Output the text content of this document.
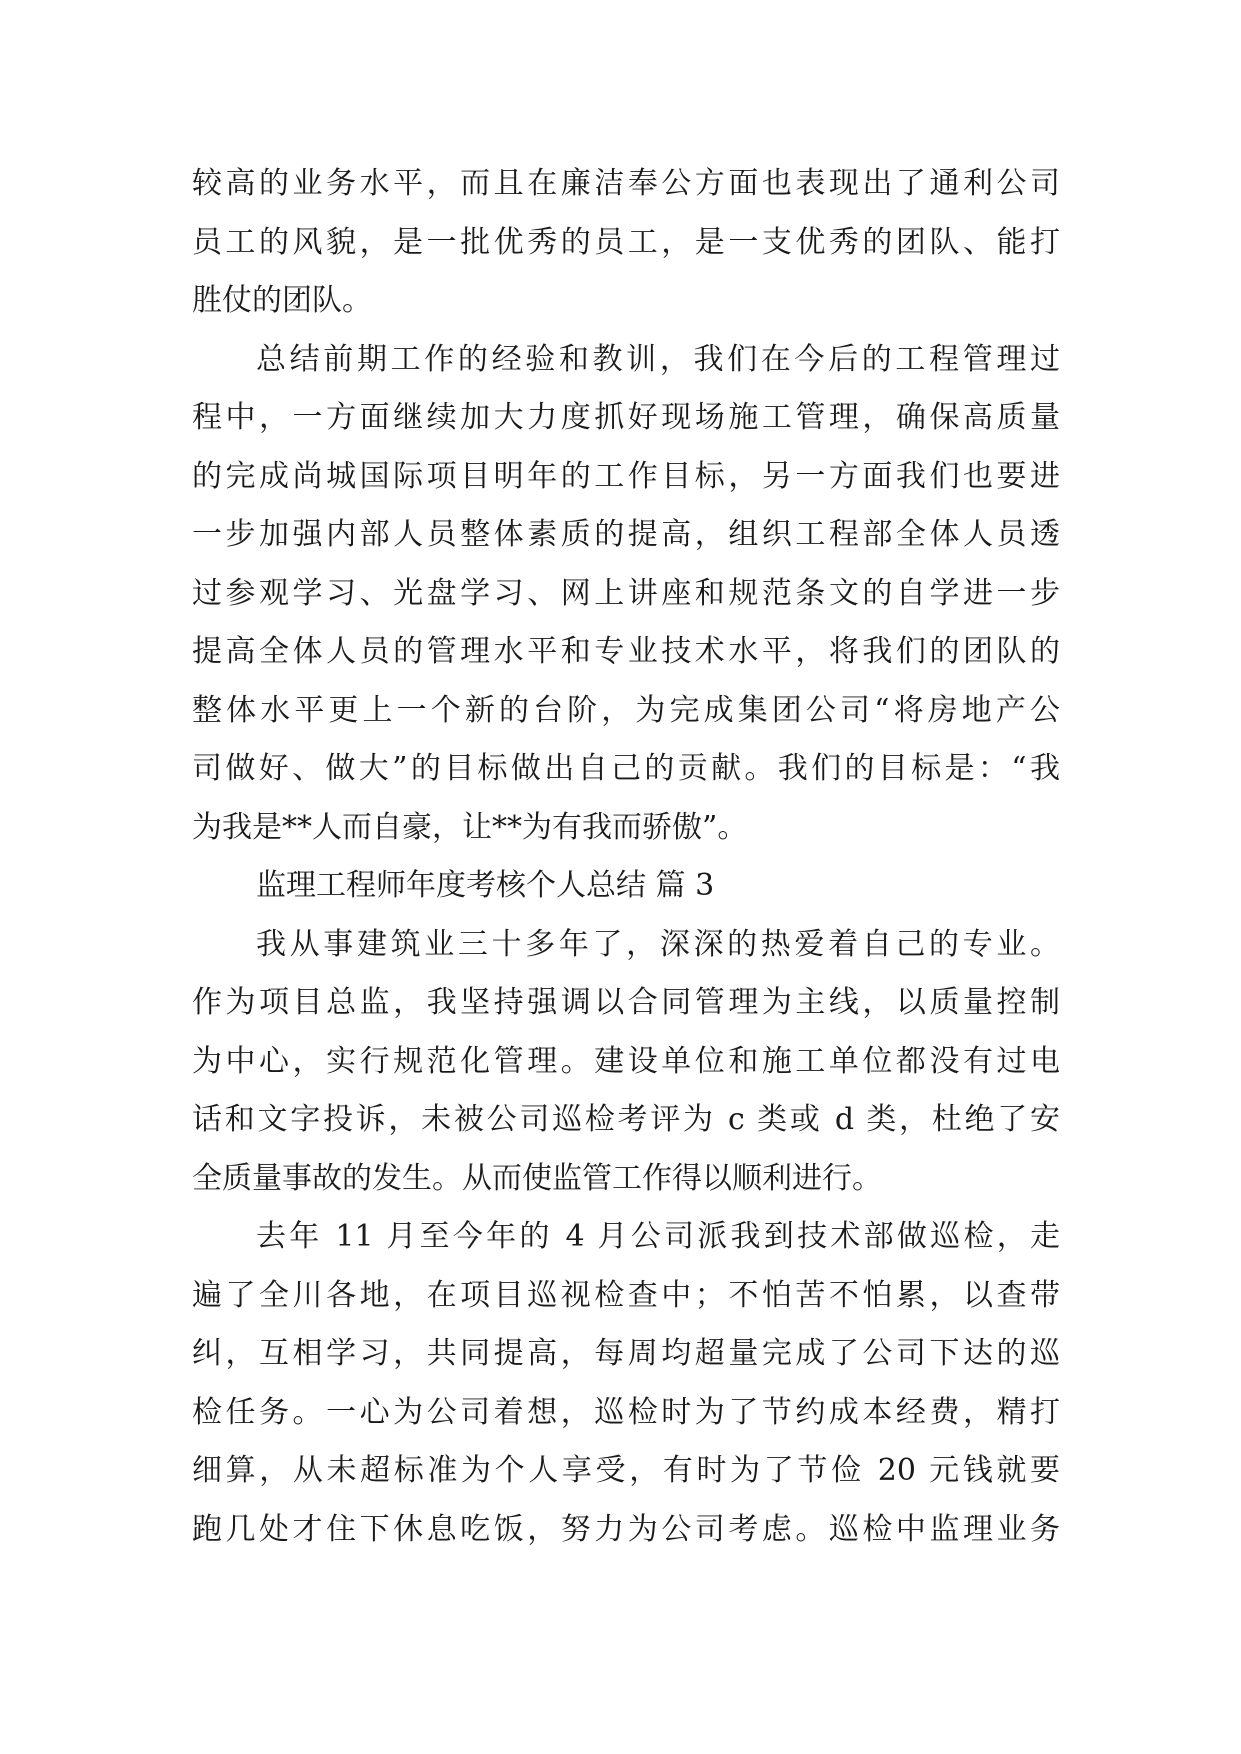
较高的业务水平，而且在廉洁奉公方面也表现出了通利公司
员工的风貌，是一批优秀的员工，是一支优秀的团队、能打
胜仗的团队。
总结前期工作的经验和教训，我们在今后的工程管理过
程中，一方面继续加大力度抓好现场施工管理，确保高质量
的完成尚城国际项目明年的工作目标，另一方面我们也要进
一步加强内部人员整体素质的提高，组织工程部全体人员透
过参观学习、光盘学习、网上讲座和规范条文的自学进一步
提高全体人员的管理水平和专业技术水平，将我们的团队的
整体水平更上一个新的台阶，为完成集团公司“将房地产公
司做好、做大”的目标做出自己的贡献。我们的目标是：“我
为我是**人而自豪，让**为有我而骄傲”。
监理工程师年度考核个人总结 篇 3
我从事建筑业三十多年了，深深的热爱着自己的专业。
作为项目总监，我坚持强调以合同管理为主线，以质量控制
为中心，实行规范化管理。建设单位和施工单位都没有过电
话和文字投诉，未被公司巡检考评为 c 类或 d 类，杜绝了安
全质量事故的发生。从而使监管工作得以顺利进行。
去年 11 月至今年的 4 月公司派我到技术部做巡检，走
遍了全川各地，在项目巡视检查中；不怕苦不怕累，以查带
纠，互相学习，共同提高，每周均超量完成了公司下达的巡
检任务。一心为公司着想，巡检时为了节约成本经费，精打
细算，从未超标准为个人享受，有时为了节俭 20 元钱就要
跑几处才住下休息吃饭，努力为公司考虑。巡检中监理业务
